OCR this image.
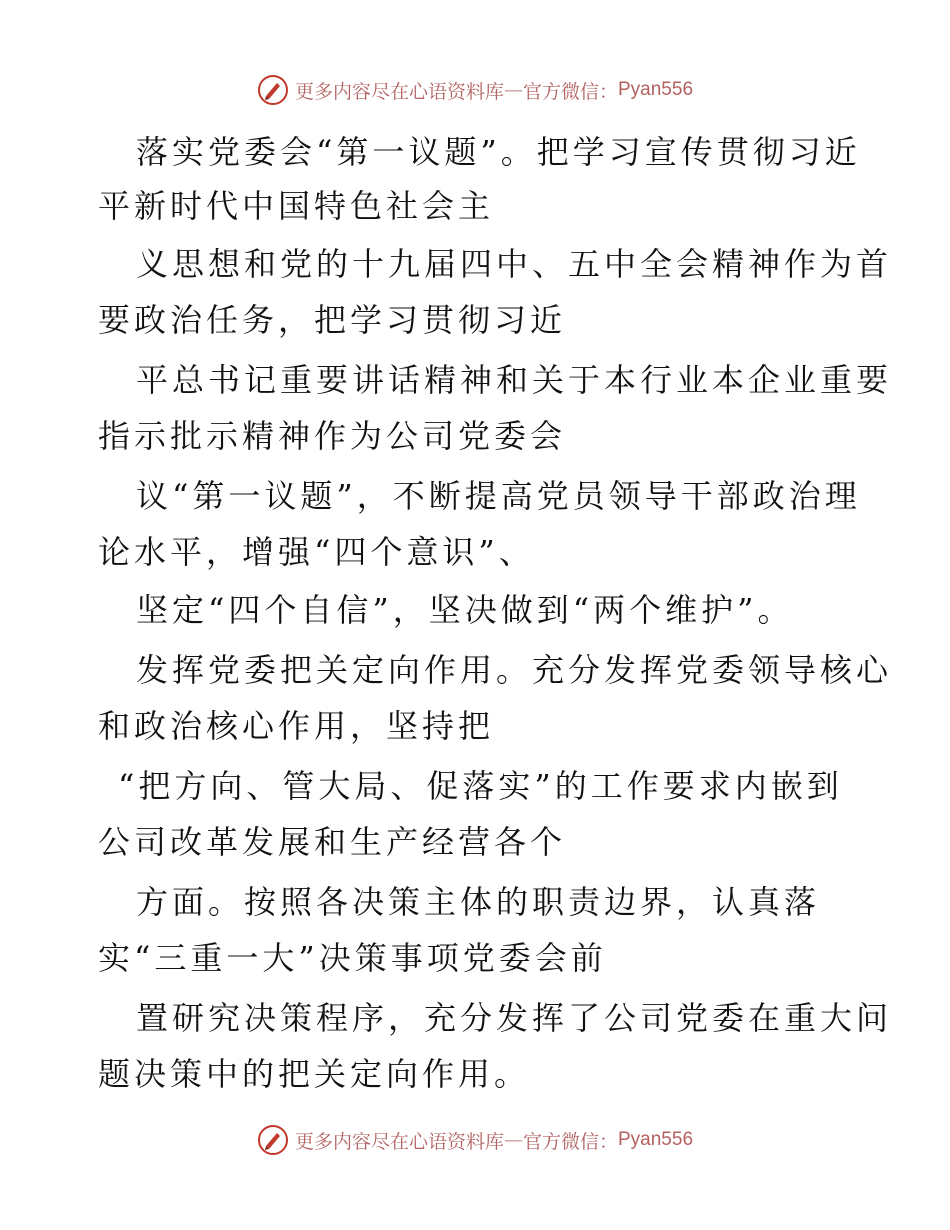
更多内容尽在心语资料库 — 官方微信： Pyan556
落实党委会“第一议题”。把学习宣传贯彻习近
平新时代中国特色社会主
义思想和党的十九届四中、五中全会精神作为首
要政治任务，把学习贯彻习近
平总书记重要讲话精神和关于本行业本企业重要
指示批示精神作为公司党委会
议“第一议题”，不断提高党员领导干部政治理
论水平，增强“四个意识”、
坚定“四个自信”，坚决做到“两个维护”。
发挥党委把关定向作用。充分发挥党委领导核心
和政治核心作用，坚持把
“把方向、管大局、促落实”的工作要求内嵌到
公司改革发展和生产经营各个
方面。按照各决策主体的职责边界，认真落
实“三重一大”决策事项党委会前
置研究决策程序，充分发挥了公司党委在重大问
题决策中的把关定向作用。
更多内容尽在心语资料库 — 官方微信： Pyan556
